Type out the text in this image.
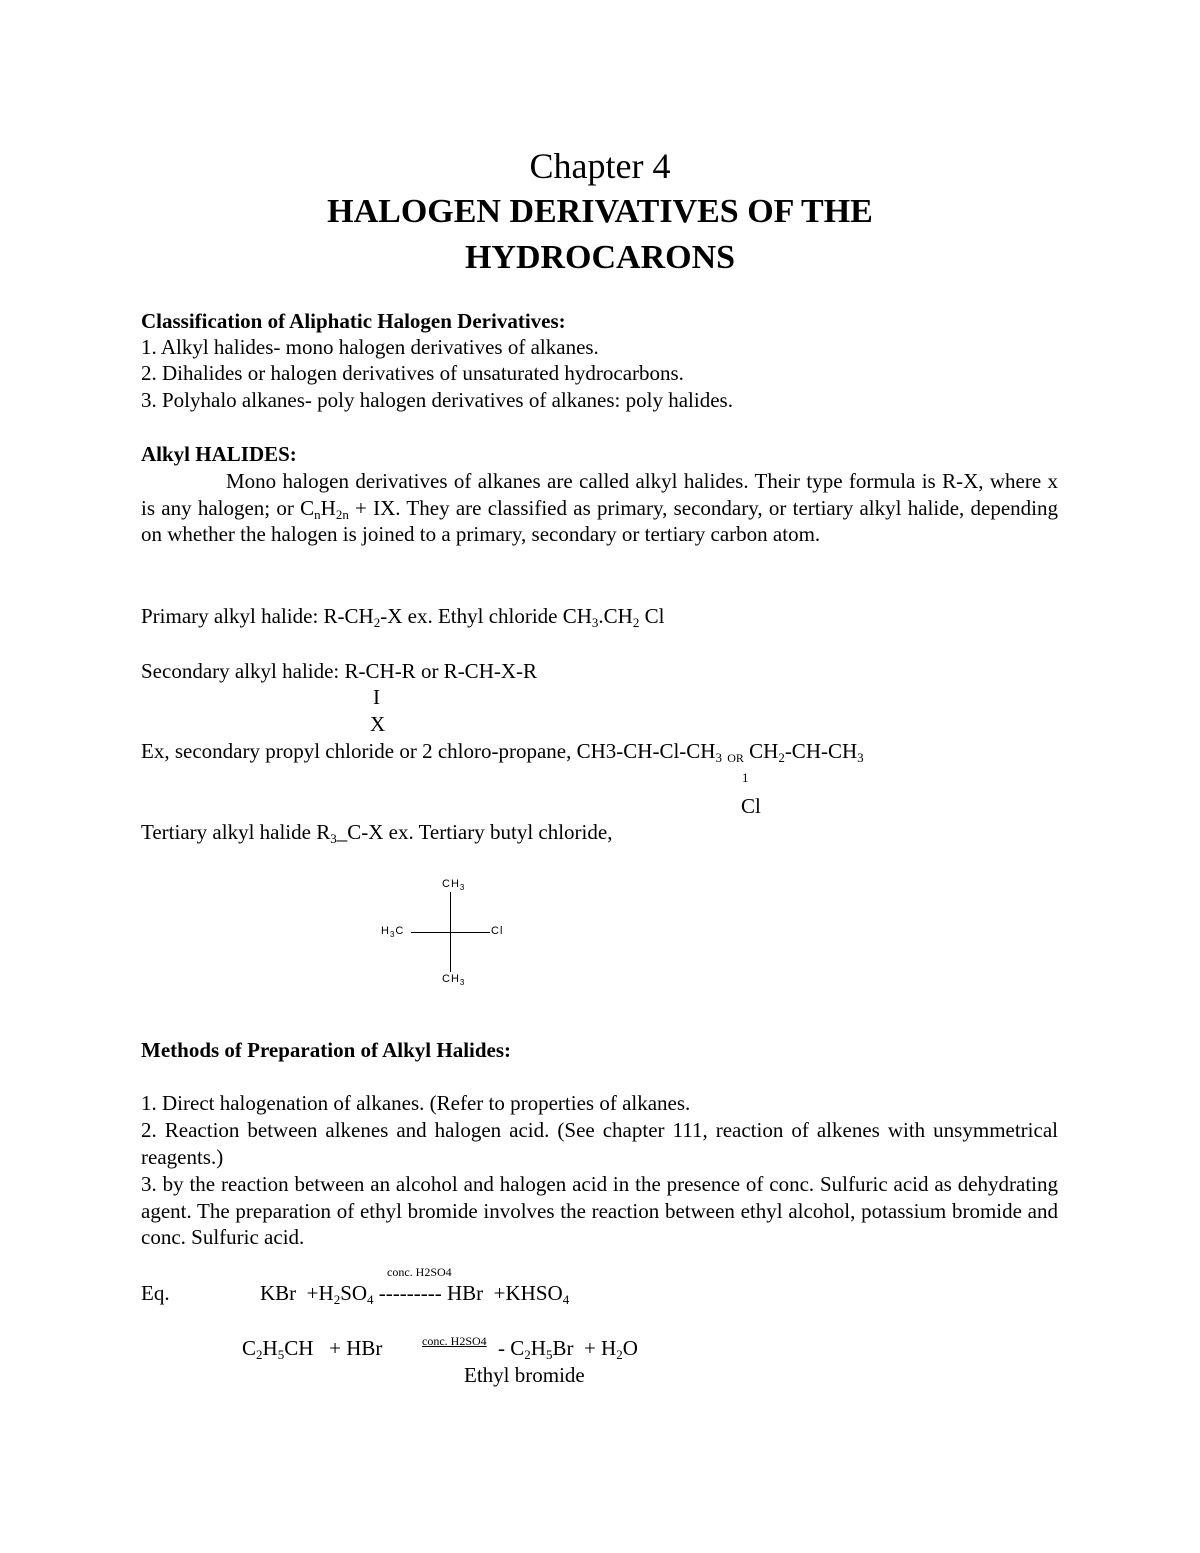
Chapter 4
HALOGEN DERIVATIVES OF THE
HYDROCARONS
Classification of Aliphatic Halogen Derivatives:
1. Alkyl halides- mono halogen derivatives of alkanes.
2. Dihalides or halogen derivatives of unsaturated hydrocarbons.
3. Polyhalo alkanes- poly halogen derivatives of alkanes: poly halides.
Alkyl HALIDES:
Mono halogen derivatives of alkanes are called alkyl halides. Their type formula is R-X, where x is any halogen; or $C_nH_{2n}$ + IX. They are classified as primary, secondary, or tertiary alkyl halide, depending on whether the halogen is joined to a primary, secondary or tertiary carbon atom.
Primary alkyl halide: $R-CH_2-X$ ex. Ethyl chloride $CH_3.CH_2$ Cl
Secondary alkyl halide: R-CH-R or R-CH-X-R
I
X
Ex, secondary propyl chloride or 2 chloro-propane, $CH3-CH-Cl-CH_3$ $_{OR}$ $CH_2-CH-CH_3$
1
Cl
Tertiary alkyl halide $R_3\_C-X$ ex. Tertiary butyl chloride,
$CH_3$
$H_3C$	Cl
$CH_3$
Methods of Preparation of Alkyl Halides:
1. Direct halogenation of alkanes. (Refer to properties of alkanes.
2. Reaction between alkenes and halogen acid. (See chapter 111, reaction of alkenes with unsymmetrical reagents.)
3. by the reaction between an alcohol and halogen acid in the presence of conc. Sulfuric acid as dehydrating agent. The preparation of ethyl bromide involves the reaction between ethyl alcohol, potassium bromide and conc. Sulfuric acid.
conc. H2SO4
Eq.	KBr $+H_2SO_4$ --------- HBr $+KHSO_4$
$C_2H_5CH$ + HBr	conc. $H2SO4 - C_2H_5Br + H_2O$
Ethyl bromide
